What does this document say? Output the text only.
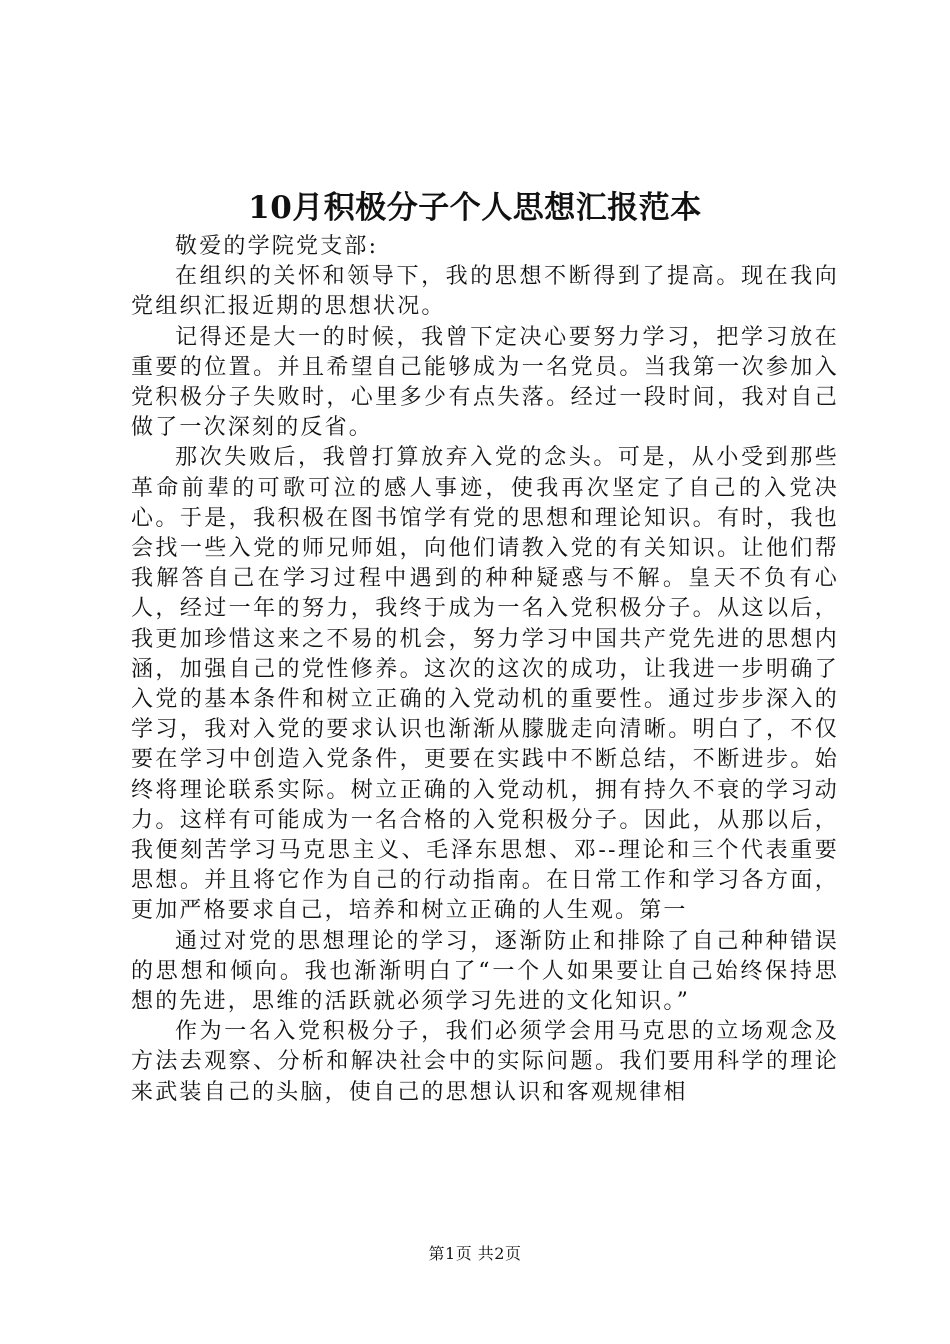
10月积极分子个人思想汇报范本

敬爱的学院党支部:

在组织的关怀和领导下，我的思想不断得到了提高。现在我向党组织汇报近期的思想状况。

记得还是大一的时候，我曾下定决心要努力学习，把学习放在重要的位置。并且希望自己能够成为一名党员。当我第一次参加入党积极分子失败时，心里多少有点失落。经过一段时间，我对自己做了一次深刻的反省。

那次失败后，我曾打算放弃入党的念头。可是，从小受到那些革命前辈的可歌可泣的感人事迹，使我再次坚定了自己的入党决心。于是，我积极在图书馆学有党的思想和理论知识。有时，我也会找一些入党的师兄师姐，向他们请教入党的有关知识。让他们帮我解答自己在学习过程中遇到的种种疑惑与不解。皇天不负有心人，经过一年的努力，我终于成为一名入党积极分子。从这以后，我更加珍惜这来之不易的机会，努力学习中国共产党先进的思想内涵，加强自己的党性修养。这次的这次的成功，让我进一步明确了入党的基本条件和树立正确的入党动机的重要性。通过步步深入的学习，我对入党的要求认识也渐渐从朦胧走向清晰。明白了，不仅要在学习中创造入党条件，更要在实践中不断总结，不断进步。始终将理论联系实际。树立正确的入党动机，拥有持久不衰的学习动力。这样有可能成为一名合格的入党积极分子。因此，从那以后，我便刻苦学习马克思主义、毛泽东思想、邓--理论和三个代表重要思想。并且将它作为自己的行动指南。在日常工作和学习各方面，更加严格要求自己，培养和树立正确的人生观。第一

通过对党的思想理论的学习，逐渐防止和排除了自己种种错误的思想和倾向。我也渐渐明白了“一个人如果要让自己始终保持思想的先进，思维的活跃就必须学习先进的文化知识。”

作为一名入党积极分子，我们必须学会用马克思的立场观念及方法去观察、分析和解决社会中的实际问题。我们要用科学的理论来武装自己的头脑，使自己的思想认识和客观规律相

第1页 共2页
